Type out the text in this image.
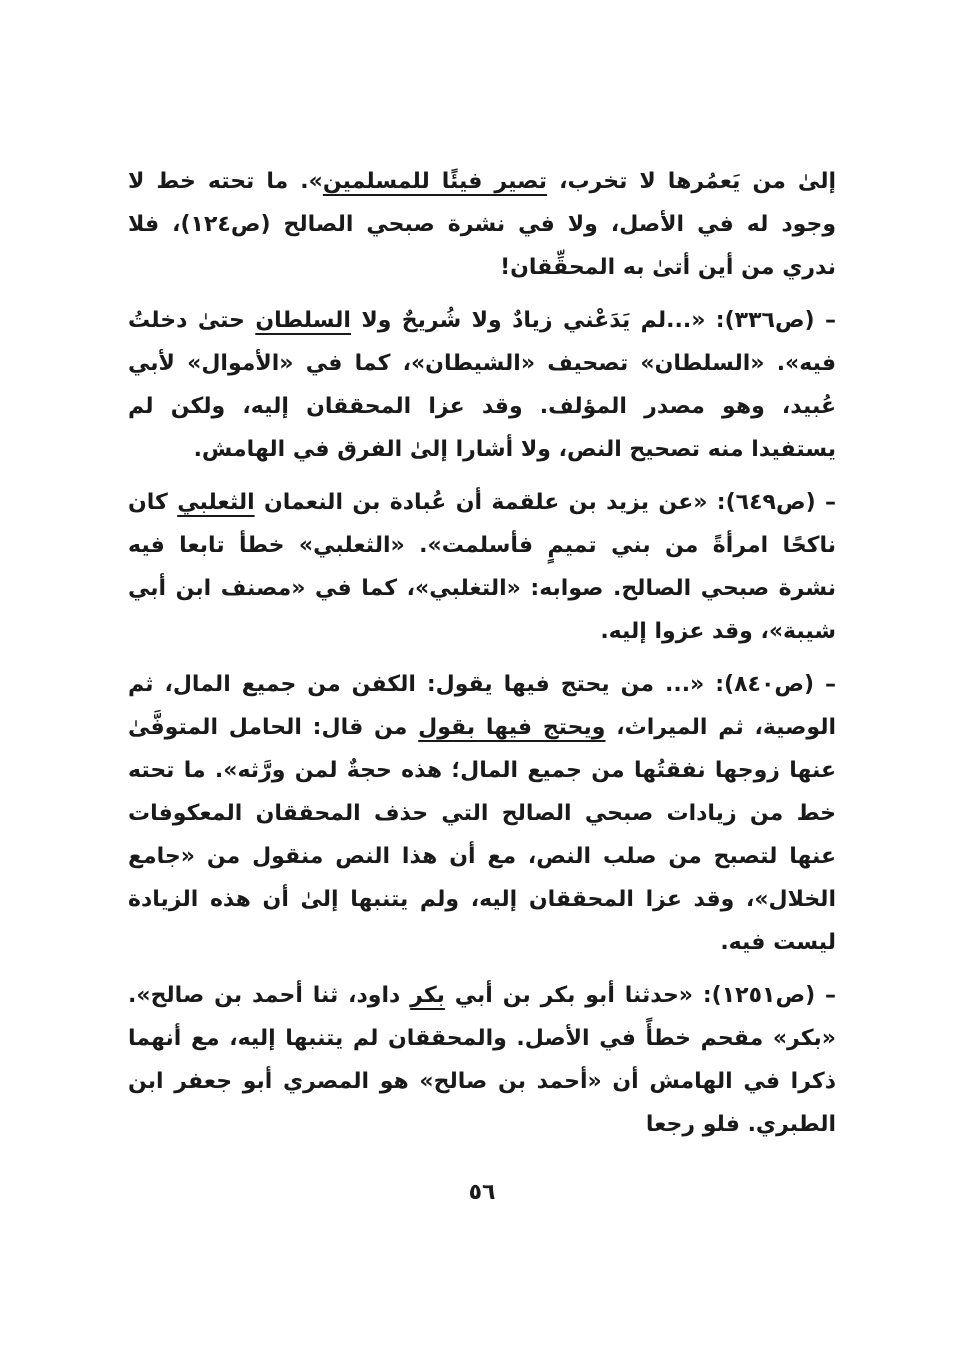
إلىٰ من يَعمُرها لا تخرب، تصير فيئًا للمسلمين». ما تحته خط لا وجود له في الأصل، ولا في نشرة صبحي الصالح (ص١٢٤)، فلا ندري من أين أتىٰ به المحقِّقان!

– (ص٣٣٦): «...لم يَدَعْني زيادٌ ولا شُريحٌ ولا السلطان حتىٰ دخلتُ فيه». «السلطان» تصحيف «الشيطان»، كما في «الأموال» لأبي عُبيد، وهو مصدر المؤلف. وقد عزا المحققان إليه، ولكن لم يستفيدا منه تصحيح النص، ولا أشارا إلىٰ الفرق في الهامش.

– (ص٦٤٩): «عن يزيد بن علقمة أن عُبادة بن النعمان الثعلبي كان ناكحًا امرأةً من بني تميمٍ فأسلمت». «الثعلبي» خطأ تابعا فيه نشرة صبحي الصالح. صوابه: «التغلبي»، كما في «مصنف ابن أبي شيبة»، وقد عزوا إليه.

– (ص٨٤٠): «... من يحتج فيها يقول: الكفن من جميع المال، ثم الوصية، ثم الميراث، ويحتج فيها بقول من قال: الحامل المتوفَّىٰ عنها زوجها نفقتُها من جميع المال؛ هذه حجةٌ لمن ورَّثه». ما تحته خط من زيادات صبحي الصالح التي حذف المحققان المعكوفات عنها لتصبح من صلب النص، مع أن هذا النص منقول من «جامع الخلال»، وقد عزا المحققان إليه، ولم يتنبها إلىٰ أن هذه الزيادة ليست فيه.

– (ص١٢٥١): «حدثنا أبو بكر بن أبي بكر داود، ثنا أحمد بن صالح». «بكر» مقحم خطأً في الأصل. والمحققان لم يتنبها إليه، مع أنهما ذكرا في الهامش أن «أحمد بن صالح» هو المصري أبو جعفر ابن الطبري. فلو رجعا

٥٦
